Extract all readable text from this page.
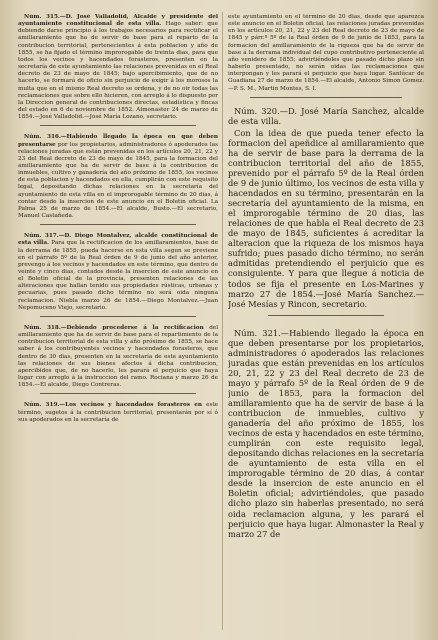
Núm. 315.—D. José Valladolid, Alcalde y presidente del ayuntamiento constitucional de esta villa. Hago saber: que debiendo darse principio á los trabajos necesarios para rectificar el amillaramiento que ha de servir de base para el reparto de la contribucion territorial, pertenecientes á esta poblacion y año de 1855, se ha fijado el término improrogable de treinta dias, para que todos los vecinos y hacendados forasteros, presenten en la secretaría de este ayuntamiento las relaciones prevenidas en el Real decreto de 23 de mayo de 1845; bajo apercibimiento, que de no hacerlo, se formará de oficio sin perjuicio de exigir á los morosos la multa que en el mismo Real decreto se ordena, y de no oir todas las reclamaciones que sobre ello hicieren, con arreglo á lo dispuesto por la Direccion general de contribuciones directas, estadística y fincas del estado en 6 de noviembre de 1852. Almonaster 24 de marzo de 1854.—José Valladolid.—José María Lozano, secretario.

Núm. 316.—Habiendo llegado la época en que deben presentarse por los propietarios, administradores ó apoderados las relaciones juradas que están prevenidas en los artículos 20, 21, 22 y 23 del Real decreto de 23 de mayo de 1845, para la formacion del amillaramiento que ha de servir de base á la contribucion de inmuebles, cultivo y ganadería del año próximo de 1855, los vecinos de esta poblacion y hacendados en ella, cumplirán con este requisito legal, depositando dichas relaciones en la secretaría del ayuntamiento de esta villa en el improrogable término de 20 dias, á contar desde la insercion de este anuncio en el Boletin oficial. La Palma 25 de marzo de 1854.—El alcalde, Busto.—El secretario, Manuel Castañeda.

Núm. 317.—D. Diego Montalvez, alcalde constitucional de esta villa. Para que la rectificacion de los amillaramientos, base de la derrama de 1855, pueda hacerse en esta villa segun se previene en el párrafo 5º de la Real órden de 9 de junio del año anterior, prevengo á los vecinos y hacendados en este término, que dentro de veinte y cinco dias, contados desde la insercion de este anuncio en el Boletin oficial de la provincia, presenten relaciones de las alteraciones que hallan tenido sus propiedades rústicas, urbanas y pecuarias, pues pasado dicho término no será oida ninguna reclamacion. Niebla marzo 26 de 1854.—Diego Montalvez.—Juan Nepomuceno Viejo, secretario.

Núm. 318.—Debiendo procederse á la rectificacion del amillaramiento que ha de servir de base para el repartimiento de la contribucion territorial de esta villa y año próximo de 1855, se hace saber á los contribuyentes vecinos y hacendados forasteros, que dentro de 30 dias, presenten en la secretaría de este ayuntamiento las relaciones de sus bienes afectos á dicha contribucion, apercibidos que, de no hacerlo, les parará el perjuicio que haya lugar con arreglo á la instruccion del ramo. Rociana y marzo 26 de 1854.—El alcalde, Diego Contreras.

Núm. 319.—Los vecinos y hacendados forasteros en este término, sugetos á la contribucion territorial, presentarán por sí ó sus apoderados en la secretaría de

este ayuntamiento en el término de 20 dias, desde que aparezca este anuncio en el Boletin oficial, las relaciones juradas prevenidas en los artículos 20, 21, 22 y 23 del Real decreto de 23 de mayo de 1845 y párr.º 5º de la Real órden de 9 de junio de 1853, para la formacion del amillaramiento de la riqueza que ha de servir de base á la derrama individual del cupo contributivo perteneciente al año venidero de 1855; advirtiéndoles que pasado dicho plazo sin haberlo presentado, no serán oidas las reclamaciones que interpongan y les parará el perjuicio que haya lugar. Sanlúcar de Guadiana 27 de marzo de 1854.—El alcalde, Antonio Simon Gomez.—P. S. M., Martin Montes, S. I.

Núm. 320.—D. José María Sanchez, alcalde de esta villa.

Con la idea de que pueda tener efecto la formacion del apeñdice al amillaramiento que ha de servir de base para la derrama de la contribucion territorial del año de 1855, prevenido por el párrafo 5º de la Real órden de 9 de junio último, los vecinos de esta villa y hacendados en su término, presentarán en la secretaría del ayuntamiento de la misma, en el improrogable término de 20 dias, las relaciones de que habla el Real decreto de 23 de mayo de 1845, suficientes á acreditar la alteracion que la riqueza de los mismos haya sufrido; pues pasado dicho término, no serán admitidas pretendiendo el perjuicio que es consiguiente. Y para que llegue á noticia de todos se fija el presente en Los-Marines y marzo 27 de 1854.—José María Sanchez.—José Mesías y Rincon, secretario.

Núm. 321.—Habiendo llegado la época en que deben presentarse por los propietarios, administradores ó apoderados las relaciones juradas que están prevenidas en los artículos 20, 21, 22 y 23 del Real decreto de 23 de mayo y párrafo 5º de la Real órden de 9 de junio de 1853, para la formacion del amillaramiento que ha de servir de base á la contribucion de inmuebles, cultivo y ganadería del año próximo de 1855, los vecinos de esta y hacendados en este término, cumplirán con este requisito legal, depositando dichas relaciones en la secretaría de ayuntamiento de esta villa en el improrogable término de 20 dias, á contar desde la insercion de este anuncio en el Boletin oficial; advirtiéndoles, que pasado dicho plazo sin haberlas presentado, no será oida reclamacion alguna, y les parará el perjuicio que haya lugar. Almonaster la Real y marzo 27 de
